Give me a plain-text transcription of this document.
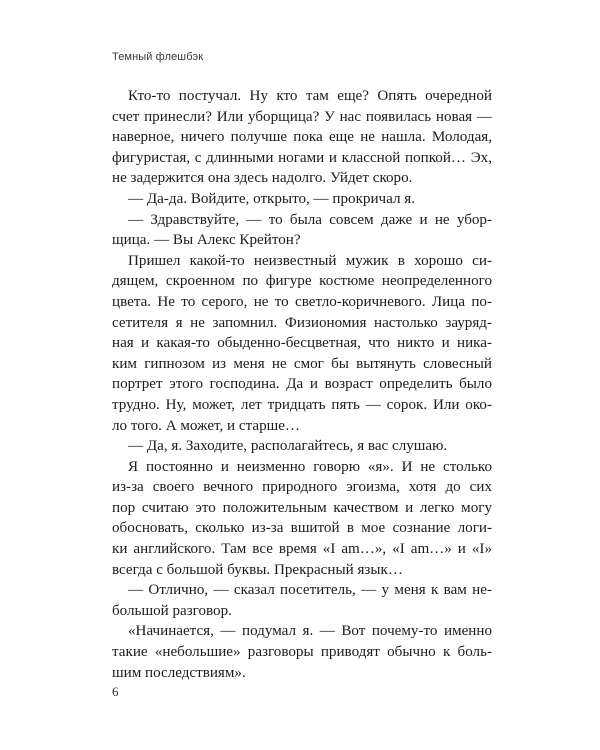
Темный флешбэк
Кто-то постучал. Ну кто там еще? Опять очередной
счет принесли? Или уборщица? У нас появилась новая —
наверное, ничего получше пока еще не нашла. Молодая,
фигуристая, с длинными ногами и классной попкой… Эх,
не задержится она здесь надолго. Уйдет скоро.
— Да-да. Войдите, открыто, — прокричал я.
— Здравствуйте, — то была совсем даже и не убор-
щица. — Вы Алекс Крейтон?
Пришел какой-то неизвестный мужик в хорошо си-
дящем, скроенном по фигуре костюме неопределенного
цвета. Не то серого, не то светло-коричневого. Лица по-
сетителя я не запомнил. Физиономия настолько зауряд-
ная и какая-то обыденно-бесцветная, что никто и ника-
ким гипнозом из меня не смог бы вытянуть словесный
портрет этого господина. Да и возраст определить было
трудно. Ну, может, лет тридцать пять — сорок. Или око-
ло того. А может, и старше…
— Да, я. Заходите, располагайтесь, я вас слушаю.
Я постоянно и неизменно говорю «я». И не столько
из-за своего вечного природного эгоизма, хотя до сих
пор считаю это положительным качеством и легко могу
обосновать, сколько из-за вшитой в мое сознание логи-
ки английского. Там все время «I am…», «I am…» и «I»
всегда с большой буквы. Прекрасный язык…
— Отлично, — сказал посетитель, — у меня к вам не-
большой разговор.
«Начинается, — подумал я. — Вот почему-то именно
такие «небольшие» разговоры приводят обычно к боль-
шим последствиям».
6
